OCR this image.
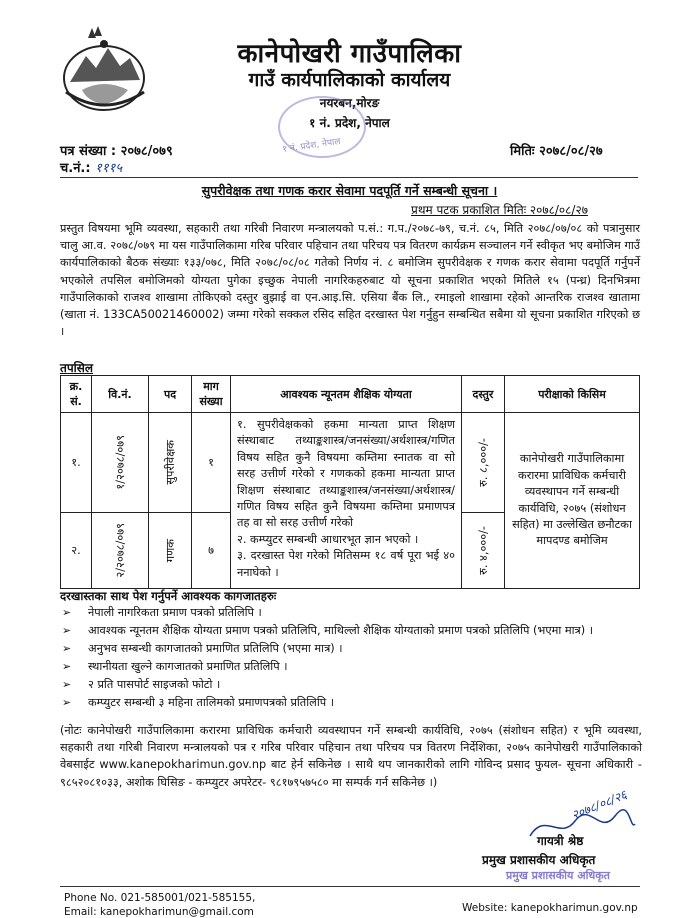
कानेपोखरी गाउँपालिका
गाउँ कार्यपालिकाको कार्यालय
नयरबन,मोरङ
१ नं. प्रदेश, नेपाल
१ नं. प्रदेश, नेपाल
पत्र संख्या : २०७८/०७९
च.नं.: १११५
मितिः २०७८/०८/२७
सुपरीवेक्षक तथा गणक करार सेवामा पदपूर्ति गर्ने सम्बन्धी सूचना ।
प्रथम पटक प्रकाशित मितिः २०७८/०८/२७
प्रस्तुत विषयमा भूमि व्यवस्था, सहकारी तथा गरिबी निवारण मन्त्रालयको प.सं.: ग.प./२०७८-७९, च.नं. ८५, मिति २०७८/०७/०८ को पत्रानुसार चालु आ.व. २०७८/०७९ मा यस गाउँपालिकामा गरिब परिवार पहिचान तथा परिचय पत्र वितरण कार्यक्रम सञ्चालन गर्ने स्वीकृत भए बमोजिम गाउँ कार्यपालिकाको बैठक संख्याः १३३/०७८, मिति २०७८/०८/०८ गतेको निर्णय नं. ८ बमोजिम सुपरीवेक्षक र गणक करार सेवामा पदपूर्ति गर्नुपर्ने भएकोले तपसिल बमोजिमको योग्यता पुगेका इच्छुक नेपाली नागरिकहरुबाट यो सूचना प्रकाशित भएको मितिले १५ (पन्ध्र) दिनभित्रमा गाउँपालिकाको राजश्व शाखामा तोकिएको दस्तुर बुझाई वा एन.आइ.सि. एसिया बैंक लि., रमाइलो शाखामा रहेको आन्तरिक राजश्व खातामा (खाता नं. 133CA50021460002) जम्मा गरेको सक्कल रसिद सहित दरखास्त पेश गर्नुहुन सम्बन्धित सबैमा यो सूचना प्रकाशित गरिएको छ ।
तपसिल
क्र. सं.	वि.नं.	पद	माग संख्या	आवश्यक न्यूनतम शैक्षिक योग्यता	दस्तुर	परीक्षाको किसिम
१.	१/२०७८/०७९	सुपरीवेक्षक	१	१. सुपरीवेक्षकको हकमा मान्यता प्राप्त शिक्षण संस्थाबाट तथ्याङ्कशास्त्र/जनसंख्या/अर्थशास्त्र/गणित विषय सहित कुनै विषयमा कम्तिमा स्नातक वा सो सरह उत्तीर्ण गरेको र गणकको हकमा मान्यता प्राप्त शिक्षण संस्थाबाट तथ्याङ्कशास्त्र/जनसंख्या/अर्थशास्त्र/गणित विषय सहित कुनै विषयमा कम्तिमा प्रमाणपत्र तह वा सो सरह उत्तीर्ण गरेको
२. कम्प्युटर सम्बन्धी आधारभूत ज्ञान भएको ।
३. दरखास्त पेश गरेको मितिसम्म १८ वर्ष पूरा भई ४० ननाघेको ।	रु. ८,०००/-	कानेपोखरी गाउँपालिकामा करारमा प्राविधिक कर्मचारी व्यवस्थापन गर्ने सम्बन्धी कार्यविधि, २०७५ (संशोधन सहित) मा उल्लेखित छनौटका मापदण्ड बमोजिम
२.	२/२०७८/०७९	गणक	७		रु. ४,०००/-	
दरखास्तका साथ पेश गर्नुपर्ने आवश्यक कागजातहरुः
➢ नेपाली नागरिकता प्रमाण पत्रको प्रतिलिपि ।
➢ आवश्यक न्यूनतम शैक्षिक योग्यता प्रमाण पत्रको प्रतिलिपि, माथिल्लो शैक्षिक योग्यताको प्रमाण पत्रको प्रतिलिपि (भएमा मात्र) ।
➢ अनुभव सम्बन्धी कागजातको प्रमाणित प्रतिलिपि (भएमा मात्र) ।
➢ स्थानीयता खुल्ने कागजातको प्रमाणित प्रतिलिपि ।
➢ २ प्रति पासपोर्ट साइजको फोटो ।
➢ कम्प्युटर सम्बन्धी ३ महिना तालिमको प्रमाणपत्रको प्रतिलिपि ।
(नोटः कानेपोखरी गाउँपालिकामा करारमा प्राविधिक कर्मचारी व्यवस्थापन गर्ने सम्बन्धी कार्यविधि, २०७५ (संशोधन सहित) र भूमि व्यवस्था, सहकारी तथा गरिबी निवारण मन्त्रालयको पत्र र गरिब परिवार पहिचान तथा परिचय पत्र वितरण निर्देशिका, २०७५ कानेपोखरी गाउँपालिकाको वेबसाईट www.kanepokharimun.gov.np बाट हेर्न सकिनेछ । साथै थप जानकारीको लागि गोविन्द प्रसाद फुयल- सूचना अधिकारी - ९८५२०८१०३३, अशोक घिसिङ - कम्प्युटर अपरेटर- ९८१७९५७५८० मा सम्पर्क गर्न सकिनेछ ।)
२०७८/०८/२६
गायत्री श्रेष्ठ
प्रमुख प्रशासकीय अधिकृत
प्रमुख प्रशासकीय अधिकृत
Phone No. 021-585001/021-585155,
Email: kanepokharimun@gmail.com	Website: kanepokharimun.gov.np
